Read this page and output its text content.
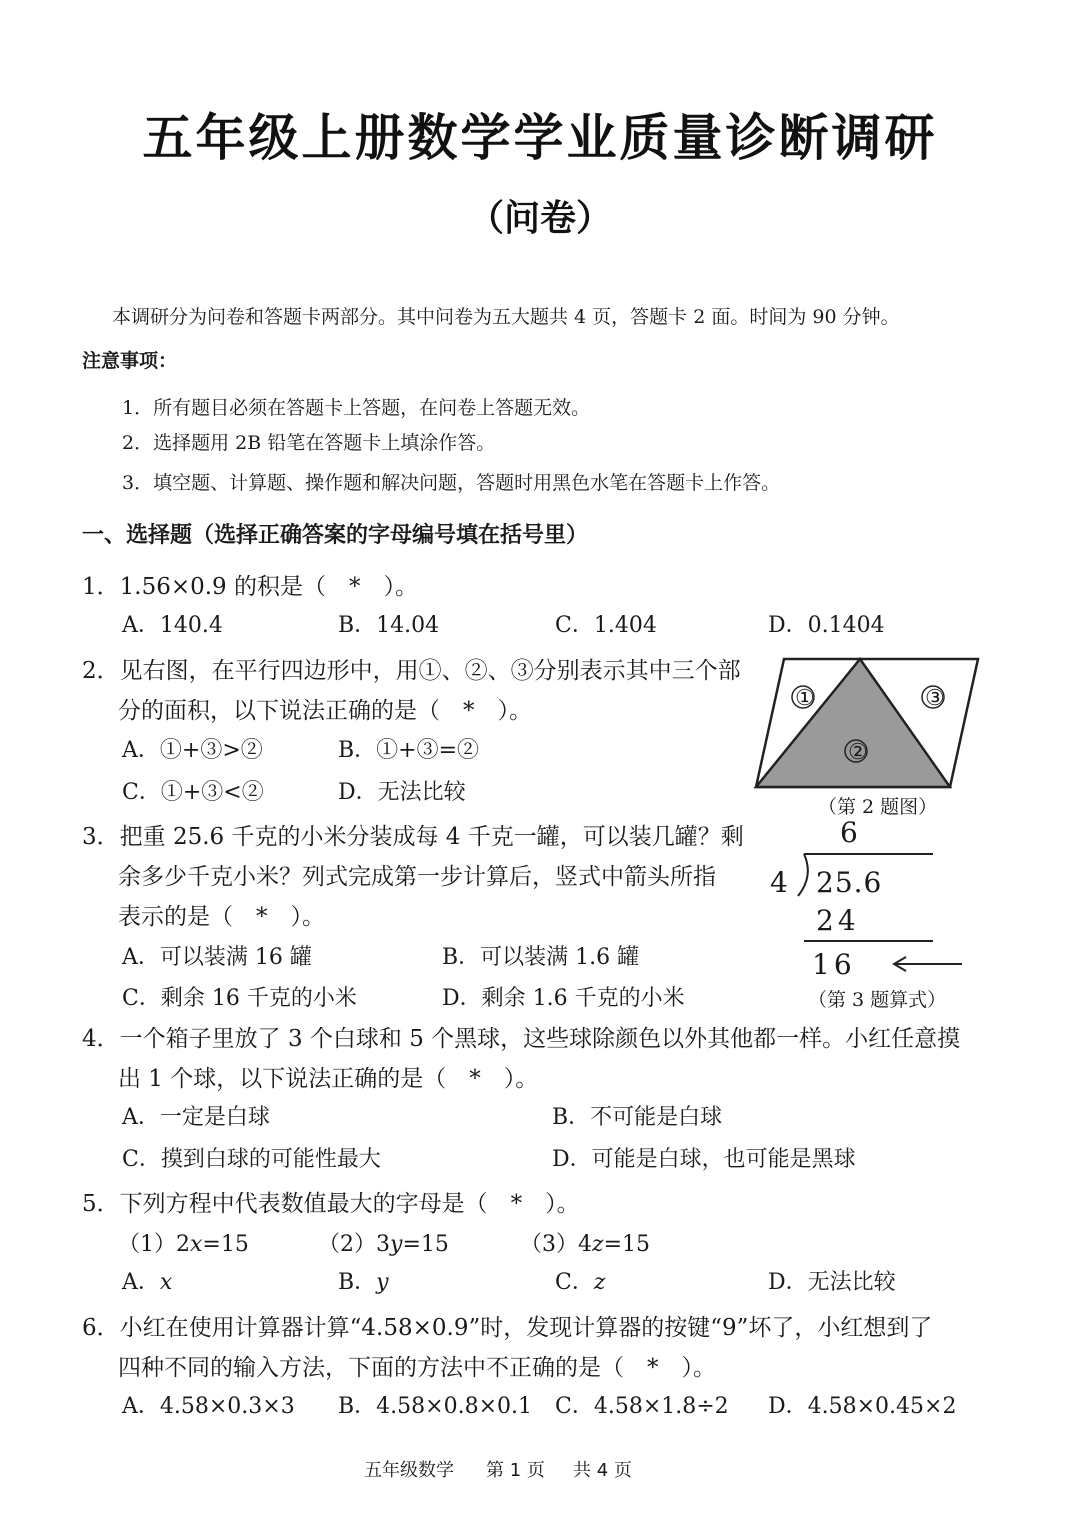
五年级上册数学学业质量诊断调研
（问卷）
本调研分为问卷和答题卡两部分。其中问卷为五大题共 4 页，答题卡 2 面。时间为 90 分钟。
注意事项：
1．所有题目必须在答题卡上答题，在问卷上答题无效。
2．选择题用 2B 铅笔在答题卡上填涂作答。
3．填空题、计算题、操作题和解决问题，答题时用黑色水笔在答题卡上作答。
一、选择题（选择正确答案的字母编号填在括号里）
1．1.56×0.9 的积是（　*　）。
A．140.4	B．14.04	C．1.404	D．0.1404
2．见右图，在平行四边形中，用①、②、③分别表示其中三个部
分的面积，以下说法正确的是（　*　）。
A．①+③>②	B．①+③=②
C．①+③<②	D．无法比较
①	③
②
（第 2 题图）
3．把重 25.6 千克的小米分装成每 4 千克一罐，可以装几罐？剩
余多少千克小米？列式完成第一步计算后，竖式中箭头所指
表示的是（　*　）。
A．可以装满 16 罐	B．可以装满 1.6 罐
C．剩余 16 千克的小米	D．剩余 1.6 千克的小米
6
4 25.6
24
16
（第 3 题算式）
4．一个箱子里放了 3 个白球和 5 个黑球，这些球除颜色以外其他都一样。小红任意摸
出 1 个球，以下说法正确的是（　*　）。
A．一定是白球	B．不可能是白球
C．摸到白球的可能性最大	D．可能是白球，也可能是黑球
5．下列方程中代表数值最大的字母是（　*　）。
（1）2x=15	（2）3y=15	（3）4z=15
A．x	B．y	C．z	D．无法比较
6．小红在使用计算器计算“4.58×0.9”时，发现计算器的按键“9”坏了，小红想到了
四种不同的输入方法，下面的方法中不正确的是（　*　）。
A．4.58×0.3×3 B．4.58×0.8×0.1 C．4.58×1.8÷2 D．4.58×0.45×2
五年级数学 第 1 页 共 4 页
